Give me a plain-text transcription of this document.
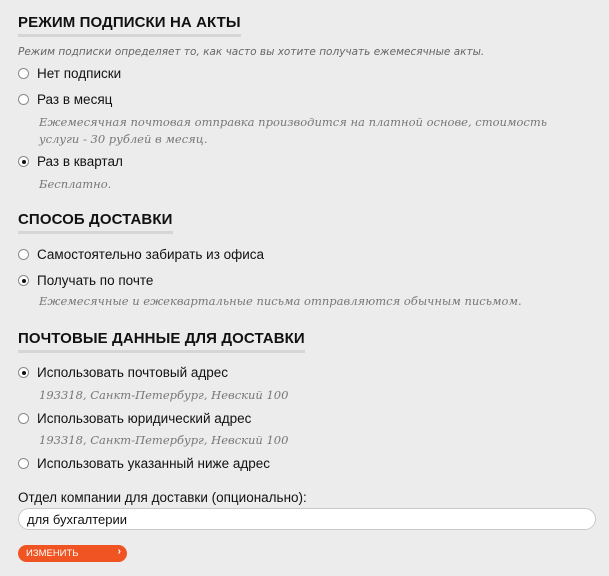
РЕЖИМ ПОДПИСКИ НА АКТЫ
Режим подписки определяет то, как часто вы хотите получать ежемесячные акты.
Нет подписки
Раз в месяц
Ежемесячная почтовая отправка производится на платной основе, стоимость услуги - 30 рублей в месяц.
Раз в квартал
Бесплатно.
СПОСОБ ДОСТАВКИ
Самостоятельно забирать из офиса
Получать по почте
Ежемесячные и ежеквартальные письма отправляются обычным письмом.
ПОЧТОВЫЕ ДАННЫЕ ДЛЯ ДОСТАВКИ
Использовать почтовый адрес
193318, Санкт-Петербург, Невский 100
Использовать юридический адрес
193318, Санкт-Петербург, Невский 100
Использовать указанный ниже адрес
Отдел компании для доставки (опционально):
для бухгалтерии
ИЗМЕНИТЬ	›
